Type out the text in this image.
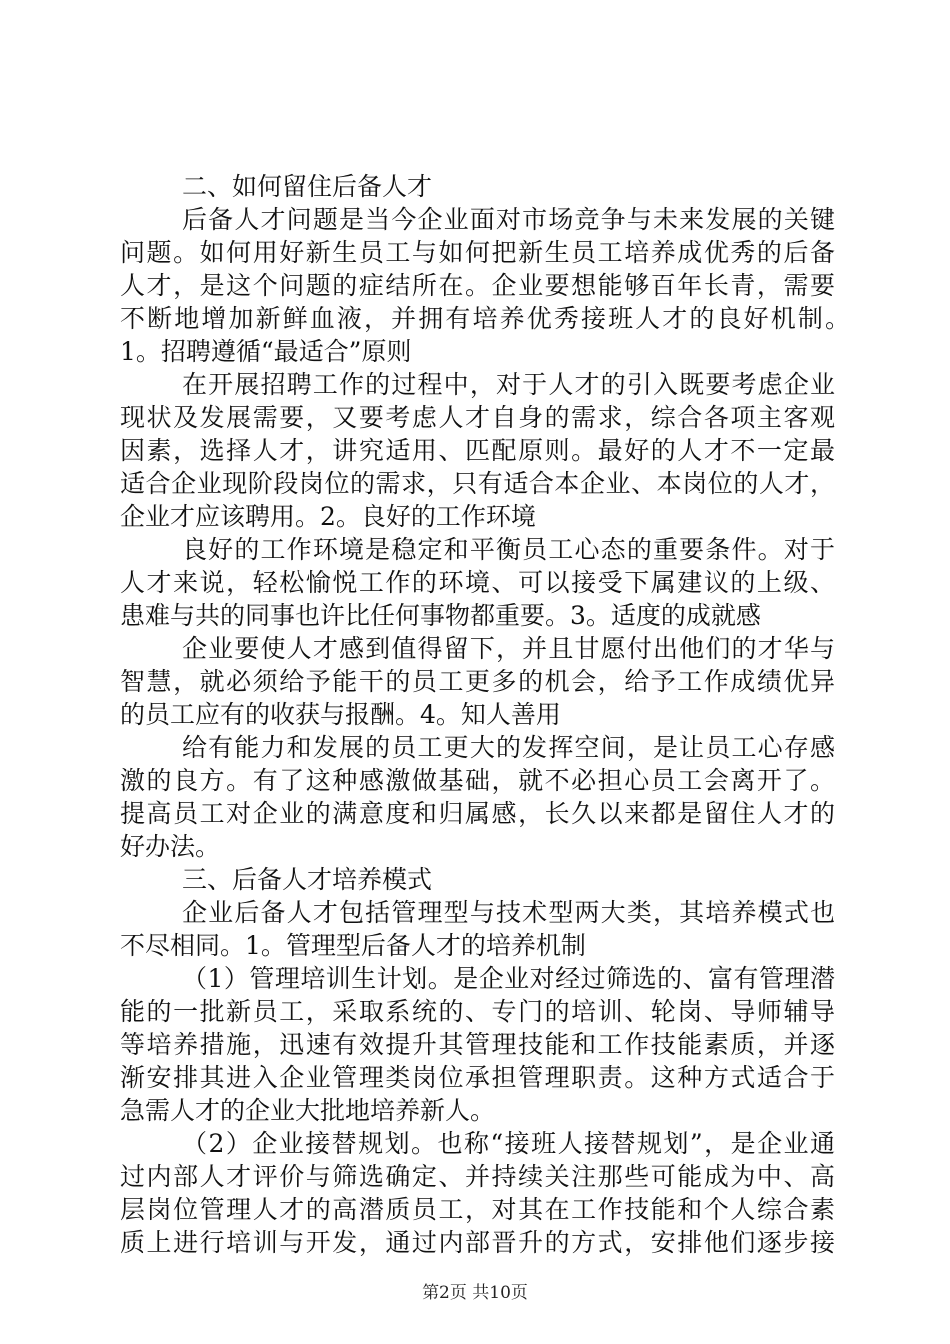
二、如何留住后备人才
后备人才问题是当今企业面对市场竞争与未来发展的关键
问题。如何用好新生员工与如何把新生员工培养成优秀的后备
人才，是这个问题的症结所在。企业要想能够百年长青，需要
不断地增加新鲜血液，并拥有培养优秀接班人才的良好机制。
1。招聘遵循“最适合”原则
在开展招聘工作的过程中，对于人才的引入既要考虑企业
现状及发展需要，又要考虑人才自身的需求，综合各项主客观
因素，选择人才，讲究适用、匹配原则。最好的人才不一定最
适合企业现阶段岗位的需求，只有适合本企业、本岗位的人才，
企业才应该聘用。2。良好的工作环境
良好的工作环境是稳定和平衡员工心态的重要条件。对于
人才来说，轻松愉悦工作的环境、可以接受下属建议的上级、
患难与共的同事也许比任何事物都重要。3。适度的成就感
企业要使人才感到值得留下，并且甘愿付出他们的才华与
智慧，就必须给予能干的员工更多的机会，给予工作成绩优异
的员工应有的收获与报酬。4。知人善用
给有能力和发展的员工更大的发挥空间，是让员工心存感
激的良方。有了这种感激做基础，就不必担心员工会离开了。
提高员工对企业的满意度和归属感，长久以来都是留住人才的
好办法。
三、后备人才培养模式
企业后备人才包括管理型与技术型两大类，其培养模式也
不尽相同。1。管理型后备人才的培养机制
（1）管理培训生计划。是企业对经过筛选的、富有管理潜
能的一批新员工，采取系统的、专门的培训、轮岗、导师辅导
等培养措施，迅速有效提升其管理技能和工作技能素质，并逐
渐安排其进入企业管理类岗位承担管理职责。这种方式适合于
急需人才的企业大批地培养新人。
（2）企业接替规划。也称“接班人接替规划”，是企业通
过内部人才评价与筛选确定、并持续关注那些可能成为中、高
层岗位管理人才的高潜质员工，对其在工作技能和个人综合素
质上进行培训与开发，通过内部晋升的方式，安排他们逐步接
第2页 共10页
